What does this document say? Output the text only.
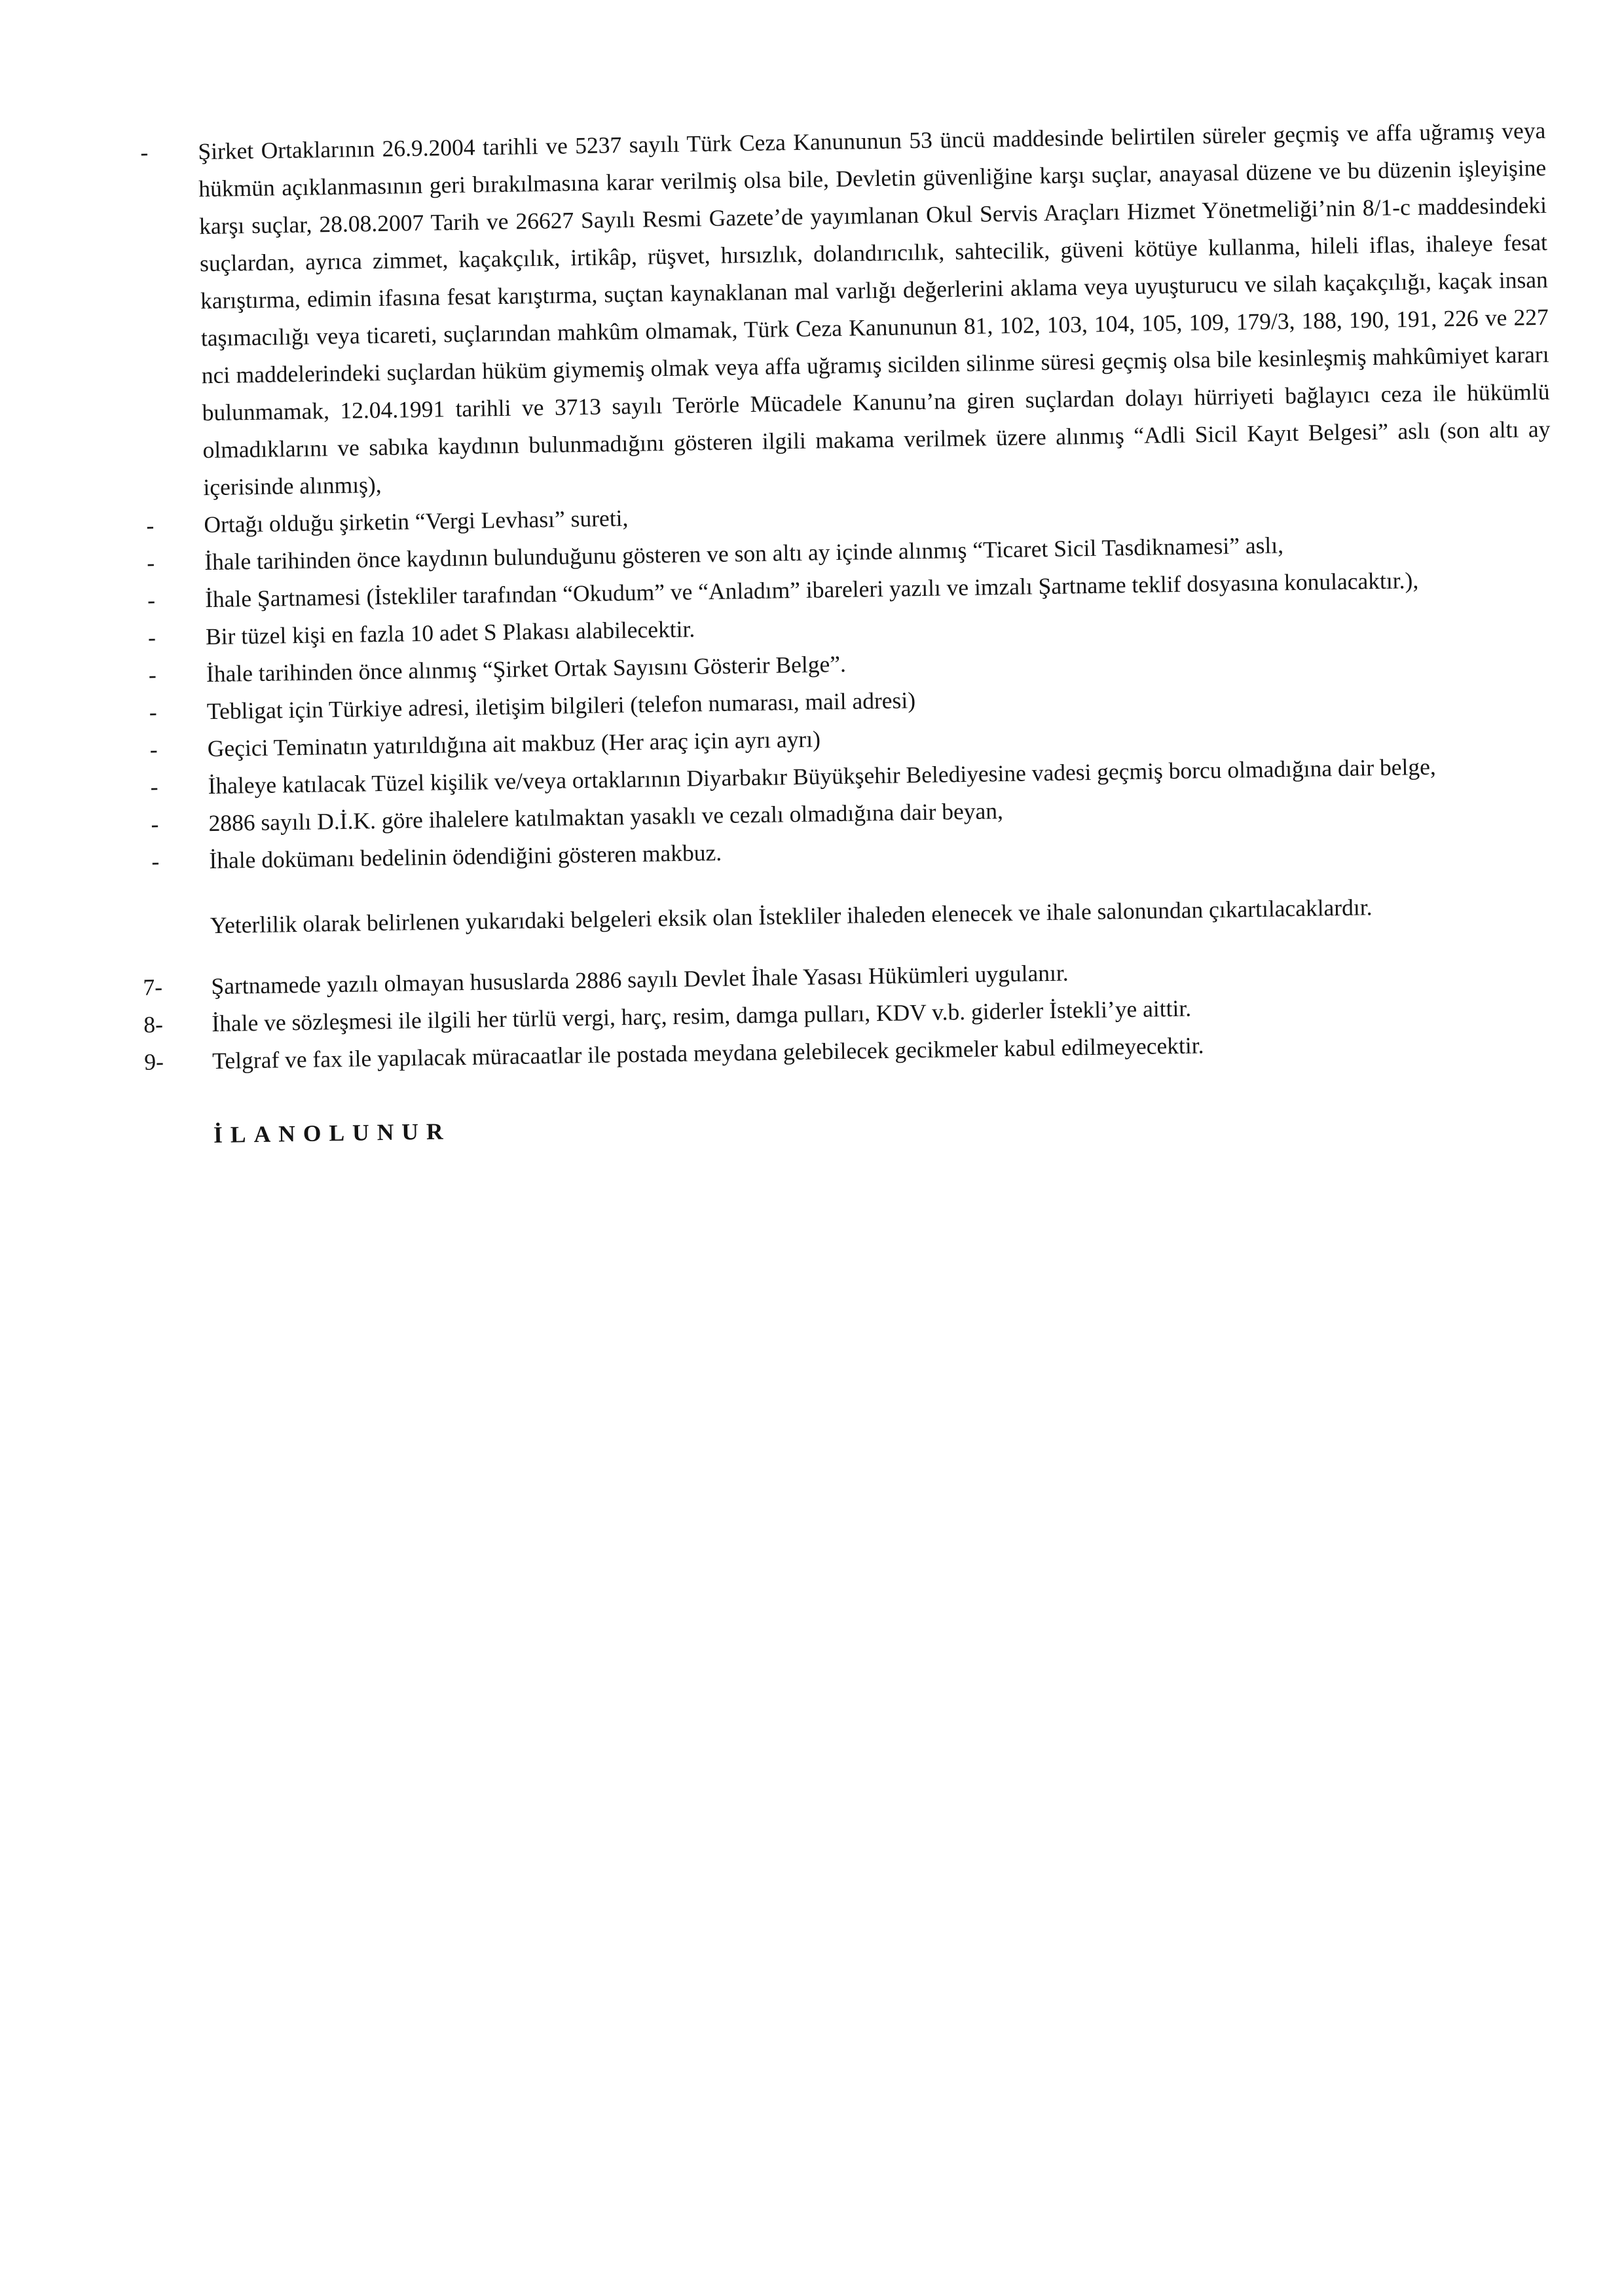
-	Şirket Ortaklarının 26.9.2004 tarihli ve 5237 sayılı Türk Ceza Kanununun 53 üncü maddesinde belirtilen süreler geçmiş ve affa uğramış veya hükmün açıklanmasının geri bırakılmasına karar verilmiş olsa bile, Devletin güvenliğine karşı suçlar, anayasal düzene ve bu düzenin işleyişine karşı suçlar, 28.08.2007 Tarih ve 26627 Sayılı Resmi Gazete’de yayımlanan Okul Servis Araçları Hizmet Yönetmeliği’nin 8/1-c maddesindeki suçlardan, ayrıca zimmet, kaçakçılık, irtikâp, rüşvet, hırsızlık, dolandırıcılık, sahtecilik, güveni kötüye kullanma, hileli iflas, ihaleye fesat karıştırma, edimin ifasına fesat karıştırma, suçtan kaynaklanan mal varlığı değerlerini aklama veya uyuşturucu ve silah kaçakçılığı, kaçak insan taşımacılığı veya ticareti, suçlarından mahkûm olmamak, Türk Ceza Kanununun 81, 102, 103, 104, 105, 109, 179/3, 188, 190, 191, 226 ve 227 nci maddelerindeki suçlardan hüküm giymemiş olmak veya affa uğramış sicilden silinme süresi geçmiş olsa bile kesinleşmiş mahkûmiyet kararı bulunmamak, 12.04.1991 tarihli ve 3713 sayılı Terörle Mücadele Kanunu’na giren suçlardan dolayı hürriyeti bağlayıcı ceza ile hükümlü olmadıklarını ve sabıka kaydının bulunmadığını gösteren ilgili makama verilmek üzere alınmış “Adli Sicil Kayıt Belgesi” aslı (son altı ay içerisinde alınmış),
-	Ortağı olduğu şirketin “Vergi Levhası” sureti,
-	İhale tarihinden önce kaydının bulunduğunu gösteren ve son altı ay içinde alınmış “Ticaret Sicil Tasdiknamesi” aslı,
-	İhale Şartnamesi (İstekliler tarafından “Okudum” ve “Anladım” ibareleri yazılı ve imzalı Şartname teklif dosyasına konulacaktır.),
-	Bir tüzel kişi en fazla 10 adet S Plakası alabilecektir.
-	İhale tarihinden önce alınmış “Şirket Ortak Sayısını Gösterir Belge”.
-	Tebligat için Türkiye adresi, iletişim bilgileri (telefon numarası, mail adresi)
-	Geçici Teminatın yatırıldığına ait makbuz (Her araç için ayrı ayrı)
-	İhaleye katılacak Tüzel kişilik ve/veya ortaklarının Diyarbakır Büyükşehir Belediyesine vadesi geçmiş borcu olmadığına dair belge,
-	2886 sayılı D.İ.K. göre ihalelere katılmaktan yasaklı ve cezalı olmadığına dair beyan,
-	İhale dokümanı bedelinin ödendiğini gösteren makbuz.

Yeterlilik olarak belirlenen yukarıdaki belgeleri eksik olan İstekliler ihaleden elenecek ve ihale salonundan çıkartılacaklardır.

7-	Şartnamede yazılı olmayan hususlarda 2886 sayılı Devlet İhale Yasası Hükümleri uygulanır.
8-	İhale ve sözleşmesi ile ilgili her türlü vergi, harç, resim, damga pulları, KDV v.b. giderler İstekli’ye aittir.
9-	Telgraf ve fax ile yapılacak müracaatlar ile postada meydana gelebilecek gecikmeler kabul edilmeyecektir.
İLANOLUNUR
